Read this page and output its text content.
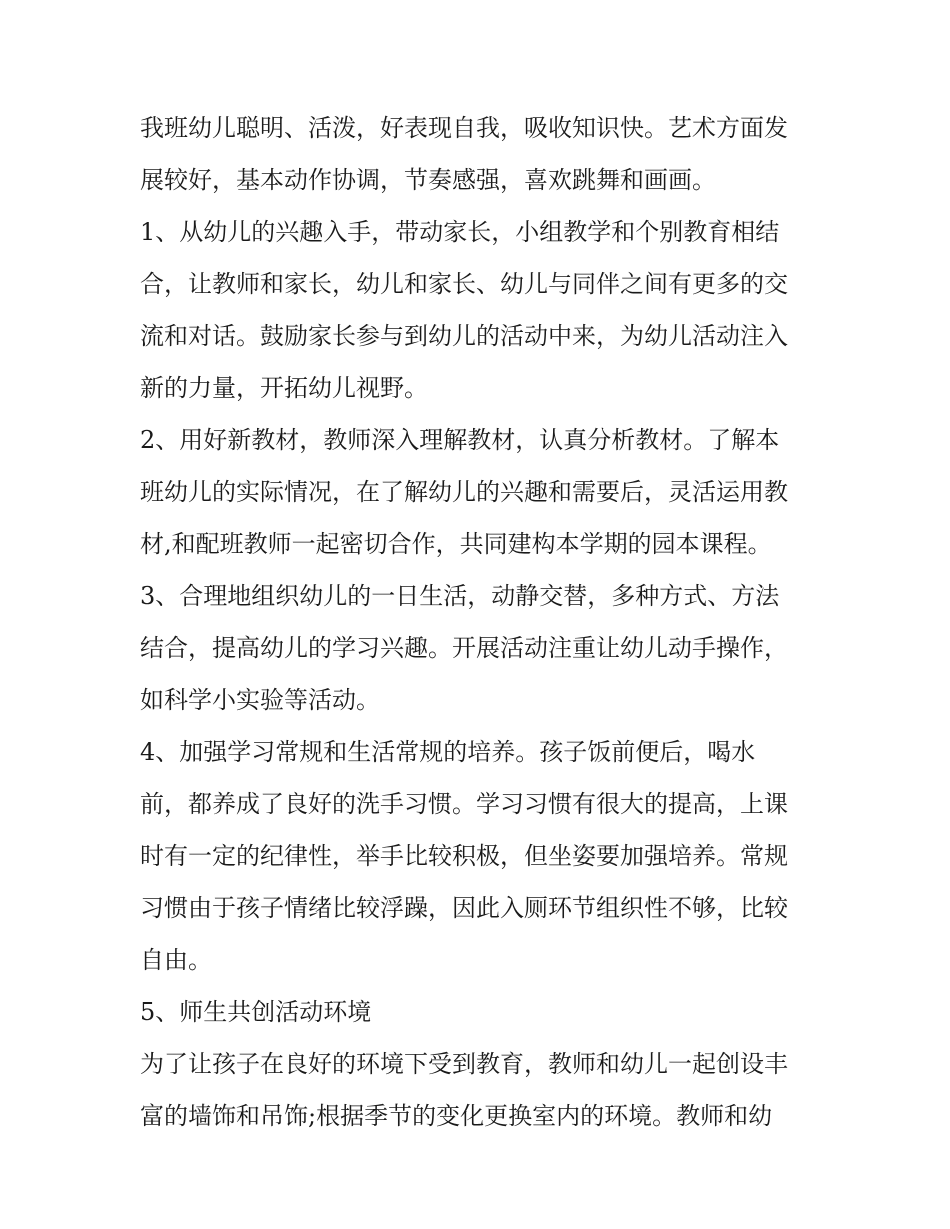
我班幼儿聪明、活泼，好表现自我，吸收知识快。艺术方面发
展较好，基本动作协调，节奏感强，喜欢跳舞和画画。
1、从幼儿的兴趣入手，带动家长，小组教学和个别教育相结
合，让教师和家长，幼儿和家长、幼儿与同伴之间有更多的交
流和对话。鼓励家长参与到幼儿的活动中来，为幼儿活动注入
新的力量，开拓幼儿视野。
2、用好新教材，教师深入理解教材，认真分析教材。了解本
班幼儿的实际情况，在了解幼儿的兴趣和需要后，灵活运用教
材,和配班教师一起密切合作，共同建构本学期的园本课程。
3、合理地组织幼儿的一日生活，动静交替，多种方式、方法
结合，提高幼儿的学习兴趣。开展活动注重让幼儿动手操作，
如科学小实验等活动。
4、加强学习常规和生活常规的培养。孩子饭前便后，喝水
前，都养成了良好的洗手习惯。学习习惯有很大的提高，上课
时有一定的纪律性，举手比较积极，但坐姿要加强培养。常规
习惯由于孩子情绪比较浮躁，因此入厕环节组织性不够，比较
自由。
5、师生共创活动环境
为了让孩子在良好的环境下受到教育，教师和幼儿一起创设丰
富的墙饰和吊饰;根据季节的变化更换室内的环境。教师和幼
